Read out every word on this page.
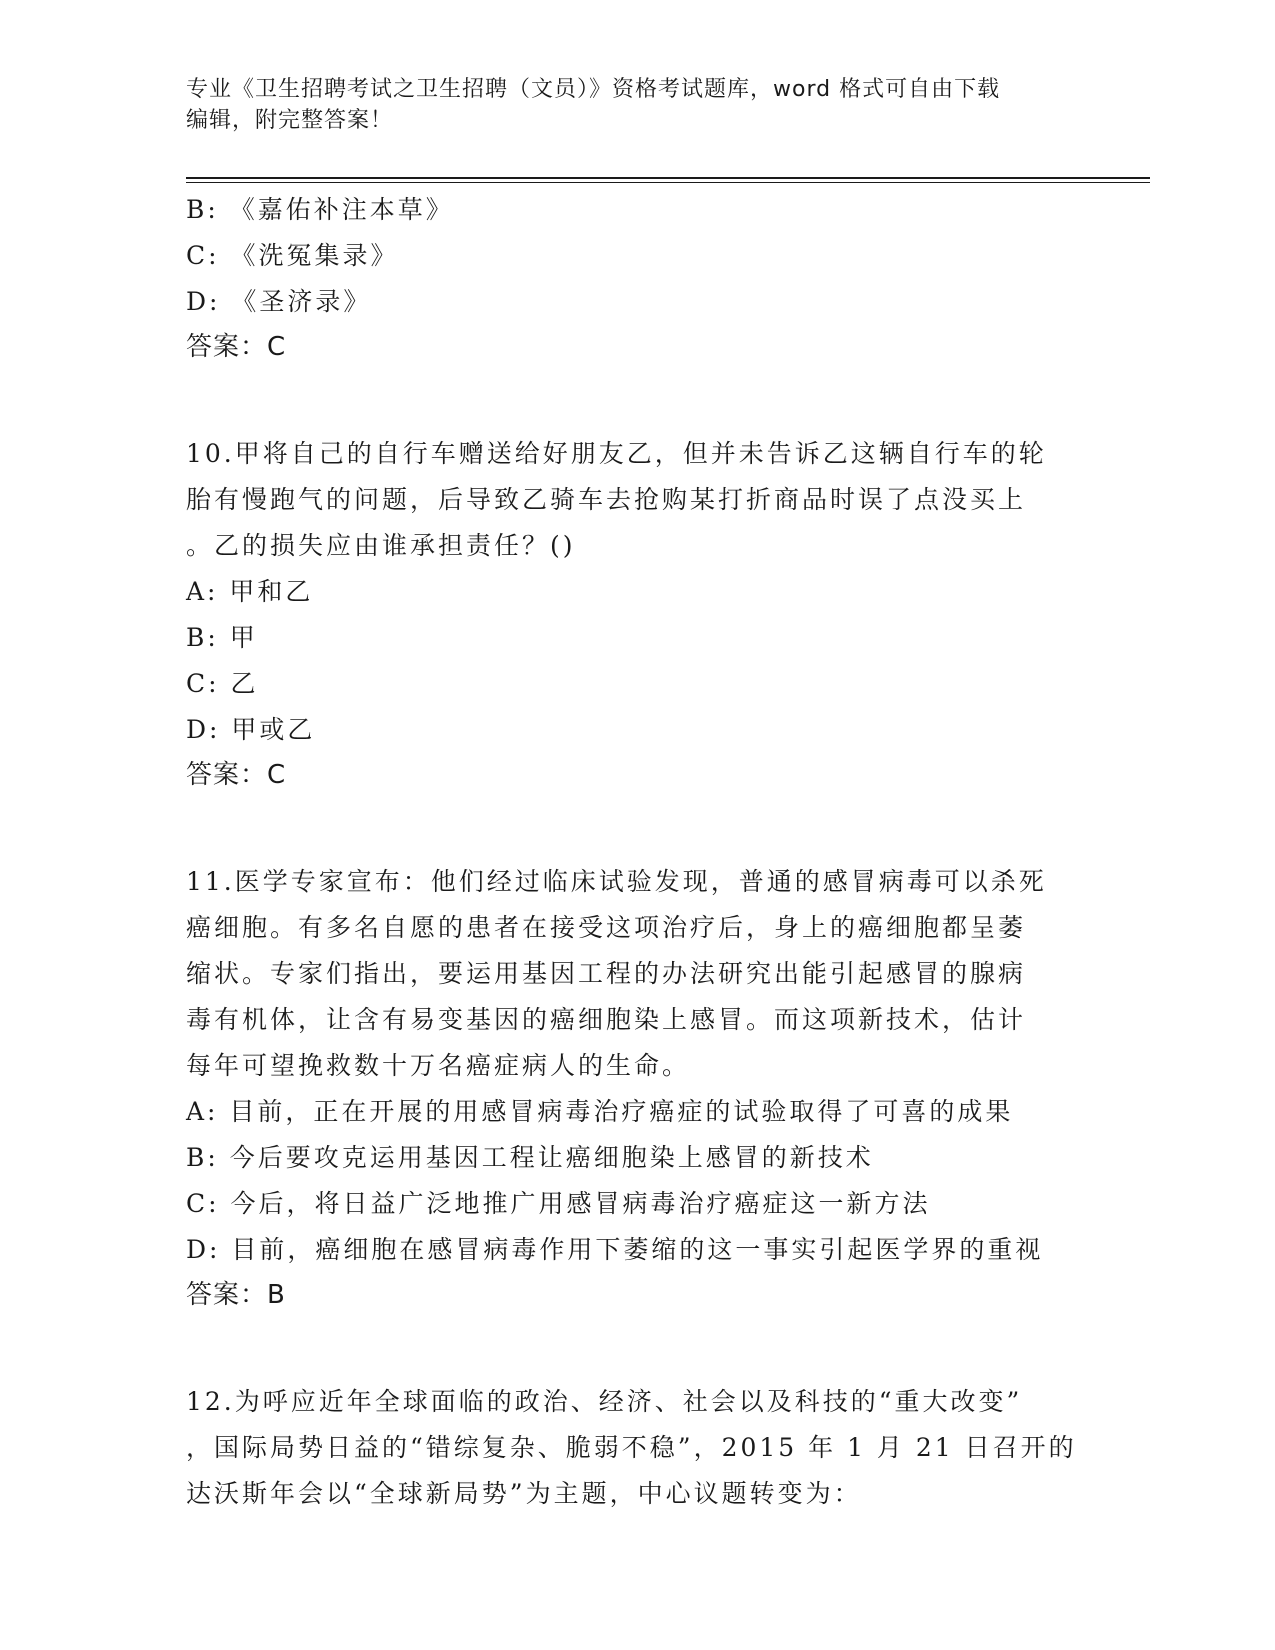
专业《卫生招聘考试之卫生招聘（文员）》资格考试题库，word 格式可自由下载
编辑，附完整答案！
B: 《嘉佑补注本草》
C: 《洗冤集录》
D: 《圣济录》
答案：C
10.甲将自己的自行车赠送给好朋友乙，但并未告诉乙这辆自行车的轮
胎有慢跑气的问题，后导致乙骑车去抢购某打折商品时误了点没买上
。乙的损失应由谁承担责任？()
A: 甲和乙
B: 甲
C: 乙
D: 甲或乙
答案：C
11.医学专家宣布：他们经过临床试验发现，普通的感冒病毒可以杀死
癌细胞。有多名自愿的患者在接受这项治疗后，身上的癌细胞都呈萎
缩状。专家们指出，要运用基因工程的办法研究出能引起感冒的腺病
毒有机体，让含有易变基因的癌细胞染上感冒。而这项新技术，估计
每年可望挽救数十万名癌症病人的生命。
A: 目前，正在开展的用感冒病毒治疗癌症的试验取得了可喜的成果
B: 今后要攻克运用基因工程让癌细胞染上感冒的新技术
C: 今后，将日益广泛地推广用感冒病毒治疗癌症这一新方法
D: 目前，癌细胞在感冒病毒作用下萎缩的这一事实引起医学界的重视
答案：B
12.为呼应近年全球面临的政治、经济、社会以及科技的“重大改变”
，国际局势日益的“错综复杂、脆弱不稳”，2015 年 1 月 21 日召开的
达沃斯年会以“全球新局势”为主题，中心议题转变为：
